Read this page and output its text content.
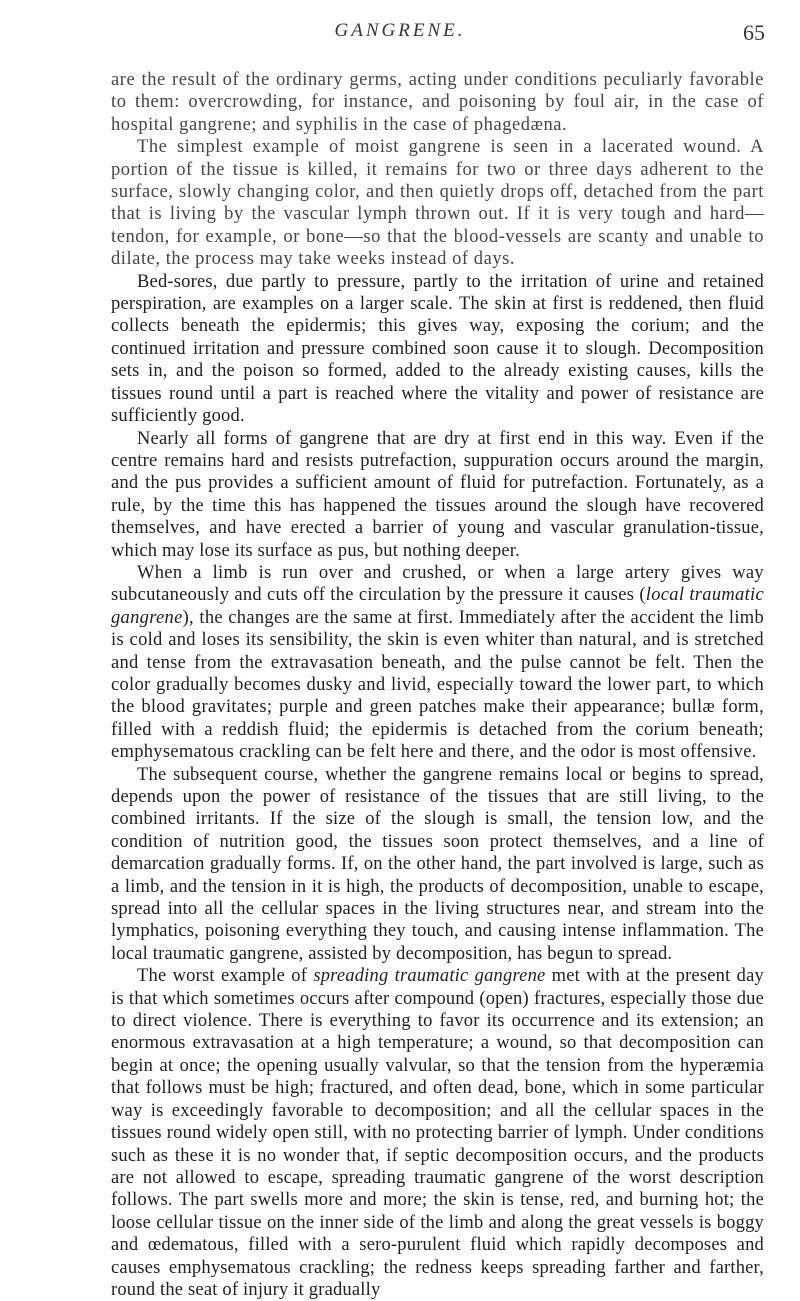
GANGRENE.	65

are the result of the ordinary germs, acting under conditions peculiarly favorable to them: overcrowding, for instance, and poisoning by foul air, in the case of hospital gangrene; and syphilis in the case of phagedæna.

The simplest example of moist gangrene is seen in a lacerated wound. A portion of the tissue is killed, it remains for two or three days adherent to the surface, slowly changing color, and then quietly drops off, detached from the part that is living by the vascular lymph thrown out. If it is very tough and hard—tendon, for example, or bone—so that the blood-vessels are scanty and unable to dilate, the process may take weeks instead of days.

Bed-sores, due partly to pressure, partly to the irritation of urine and retained perspiration, are examples on a larger scale. The skin at first is reddened, then fluid collects beneath the epidermis; this gives way, exposing the corium; and the continued irritation and pressure combined soon cause it to slough. Decomposition sets in, and the poison so formed, added to the already existing causes, kills the tissues round until a part is reached where the vitality and power of resistance are sufficiently good.

Nearly all forms of gangrene that are dry at first end in this way. Even if the centre remains hard and resists putrefaction, suppuration occurs around the margin, and the pus provides a sufficient amount of fluid for putrefaction. Fortunately, as a rule, by the time this has happened the tissues around the slough have recovered themselves, and have erected a barrier of young and vascular granulation-tissue, which may lose its surface as pus, but nothing deeper.

When a limb is run over and crushed, or when a large artery gives way subcutaneously and cuts off the circulation by the pressure it causes (local traumatic gangrene), the changes are the same at first. Immediately after the accident the limb is cold and loses its sensibility, the skin is even whiter than natural, and is stretched and tense from the extravasation beneath, and the pulse cannot be felt. Then the color gradually becomes dusky and livid, especially toward the lower part, to which the blood gravitates; purple and green patches make their appearance; bullæ form, filled with a reddish fluid; the epidermis is detached from the corium beneath; emphysematous crackling can be felt here and there, and the odor is most offensive.

The subsequent course, whether the gangrene remains local or begins to spread, depends upon the power of resistance of the tissues that are still living, to the combined irritants. If the size of the slough is small, the tension low, and the condition of nutrition good, the tissues soon protect themselves, and a line of demarcation gradually forms. If, on the other hand, the part involved is large, such as a limb, and the tension in it is high, the products of decomposition, unable to escape, spread into all the cellular spaces in the living structures near, and stream into the lymphatics, poisoning everything they touch, and causing intense inflammation. The local traumatic gangrene, assisted by decomposition, has begun to spread.

The worst example of spreading traumatic gangrene met with at the present day is that which sometimes occurs after compound (open) fractures, especially those due to direct violence. There is everything to favor its occurrence and its extension; an enormous extravasation at a high temperature; a wound, so that decomposition can begin at once; the opening usually valvular, so that the tension from the hyperæmia that follows must be high; fractured, and often dead, bone, which in some particular way is exceedingly favorable to decomposition; and all the cellular spaces in the tissues round widely open still, with no protecting barrier of lymph. Under conditions such as these it is no wonder that, if septic decomposition occurs, and the products are not allowed to escape, spreading traumatic gangrene of the worst description follows. The part swells more and more; the skin is tense, red, and burning hot; the loose cellular tissue on the inner side of the limb and along the great vessels is boggy and œdematous, filled with a sero-purulent fluid which rapidly decomposes and causes emphysematous crackling; the redness keeps spreading farther and farther, round the seat of injury it gradually
